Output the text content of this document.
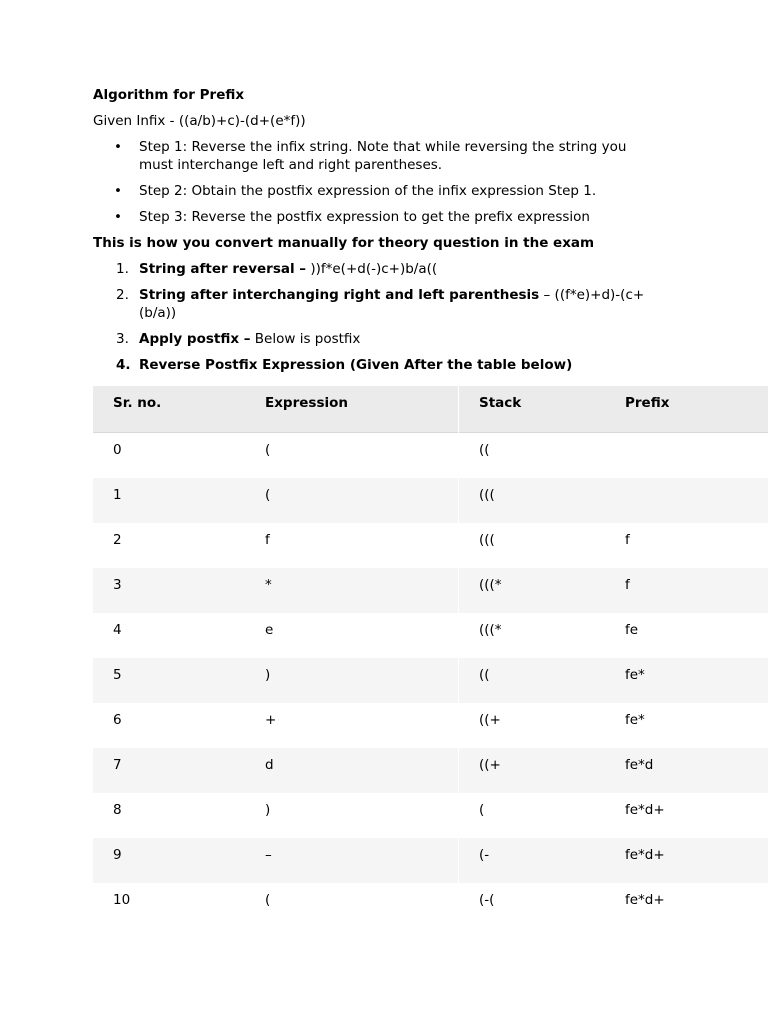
Algorithm for Prefix
Given Infix - ((a/b)+c)-(d+(e*f))
• Step 1: Reverse the infix string. Note that while reversing the string you must interchange left and right parentheses.
• Step 2: Obtain the postfix expression of the infix expression Step 1.
• Step 3: Reverse the postfix expression to get the prefix expression
This is how you convert manually for theory question in the exam
1. String after reversal – ))f*e(+d(-)c+)b/a((
2. String after interchanging right and left parenthesis – ((f*e)+d)-(c+(b/a))
3. Apply postfix – Below is postfix
4. Reverse Postfix Expression (Given After the table below)
Sr. no.	Expression	Stack	Prefix
0	(	((	
1	(	(((	
2	f	(((	f
3	*	(((*	f
4	e	(((*	fe
5	)	((	fe*
6	+	((+	fe*
7	d	((+	fe*d
8	)	(	fe*d+
9	–	(-	fe*d+
10	(	(-(	fe*d+
